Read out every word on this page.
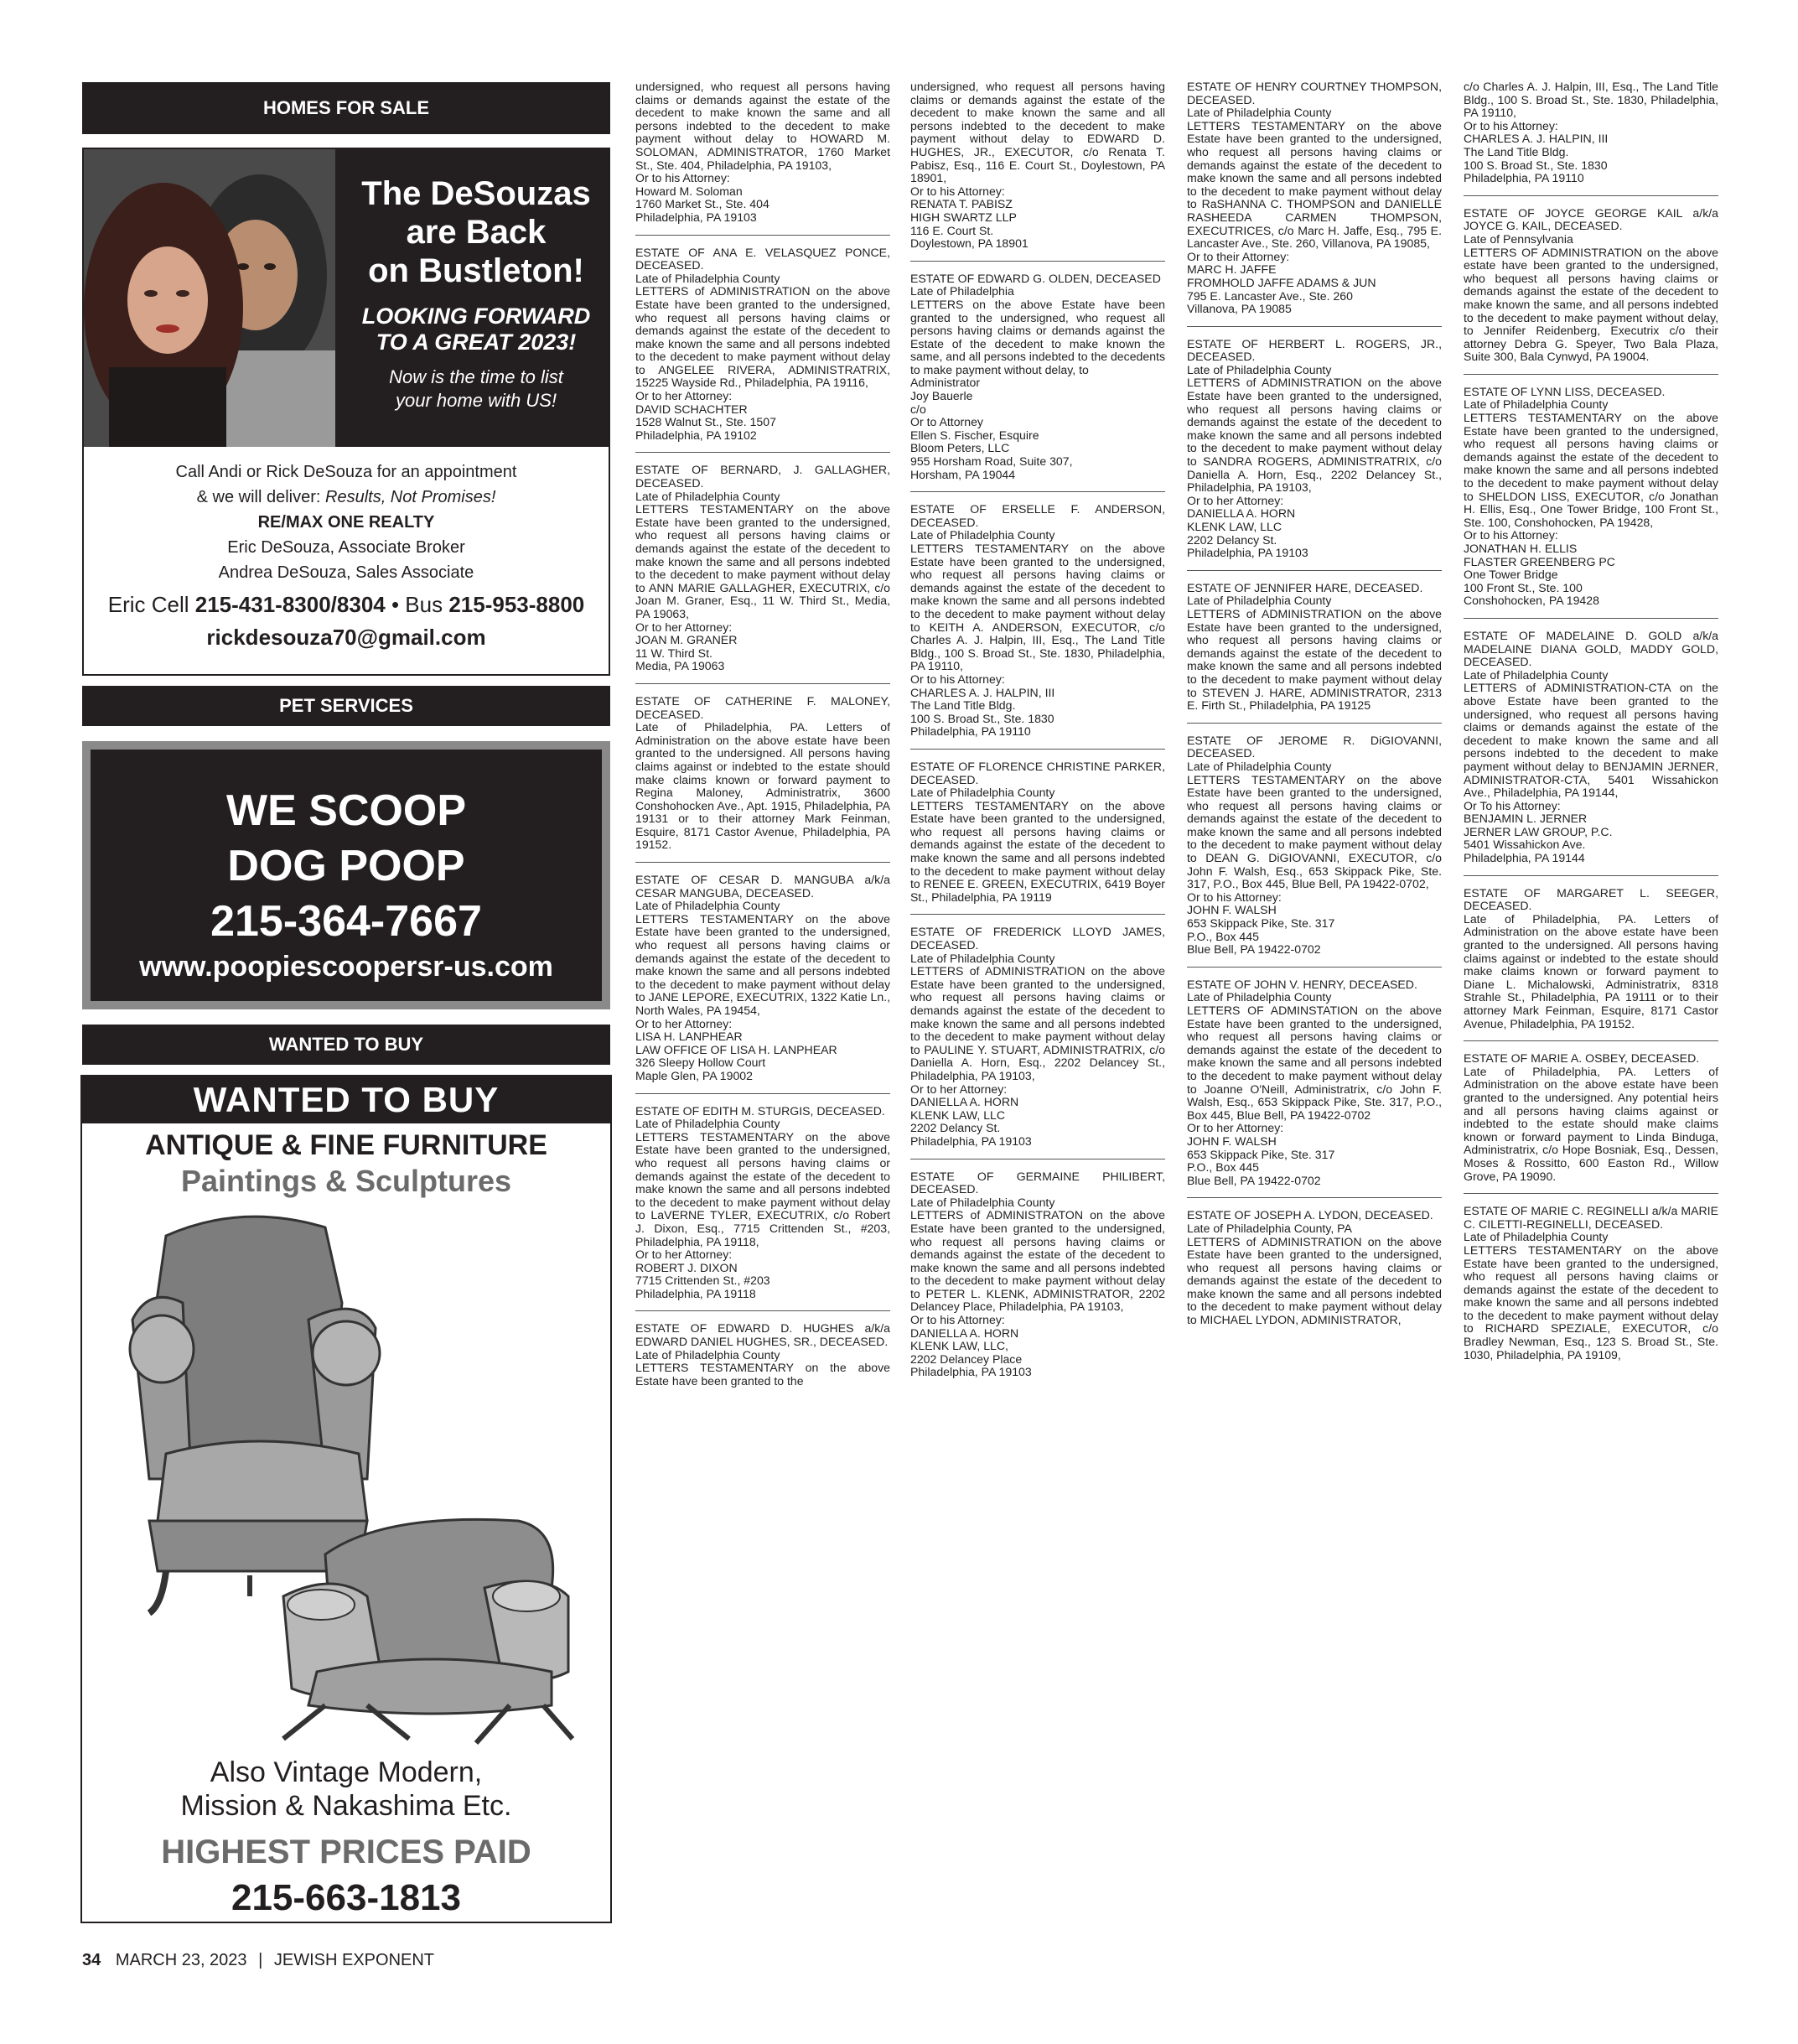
HOMES FOR SALE
PET SERVICES
WANTED TO BUY
The DeSouzas
are Back
on Bustleton!
LOOKING FORWARD
TO A GREAT 2023!
Now is the time to list
your home with US!
Call Andi or Rick DeSouza for an appointment
& we will deliver: Results, Not Promises!
RE/MAX ONE REALTY
Eric DeSouza, Associate Broker
Andrea DeSouza, Sales Associate
Eric Cell 215-431-8300/8304 • Bus 215-953-8800
rickdesouza70@gmail.com
WE SCOOP
DOG POOP
215-364-7667
www.poopiescoopersr-us.com
WANTED TO BUY
ANTIQUE & FINE FURNITURE
Paintings & Sculptures
Also Vintage Modern,
Mission & Nakashima Etc.
HIGHEST PRICES PAID
215-663-1813

undersigned, who request all persons having claims or demands against the estate of the decedent to make known the same and all persons indebted to the decedent to make payment without delay to HOWARD M. SOLOMAN, ADMINISTRATOR, 1760 Market St., Ste. 404, Philadelphia, PA 19103,
Or to his Attorney:
Howard M. Soloman
1760 Market St., Ste. 404
Philadelphia, PA 19103

ESTATE OF ANA E. VELASQUEZ PONCE, DECEASED.
Late of Philadelphia County
LETTERS of ADMINISTRATION on the above Estate have been granted to the undersigned, who request all persons having claims or demands against the estate of the decedent to make known the same and all persons indebted to the decedent to make payment without delay to ANGELEE RIVERA, ADMINISTRATRIX, 15225 Wayside Rd., Philadelphia, PA 19116,
Or to her Attorney:
DAVID SCHACHTER
1528 Walnut St., Ste. 1507
Philadelphia, PA 19102

ESTATE OF BERNARD, J. GALLAGHER, DECEASED.
Late of Philadelphia County
LETTERS TESTAMENTARY on the above Estate have been granted to the undersigned, who request all persons having claims or demands against the estate of the decedent to make known the same and all persons indebted to the decedent to make payment without delay to ANN MARIE GALLAGHER, EXECUTRIX, c/o Joan M. Graner, Esq., 11 W. Third St., Media, PA 19063,
Or to her Attorney:
JOAN M. GRANER
11 W. Third St.
Media, PA 19063

ESTATE OF CATHERINE F. MALONEY, DECEASED.
Late of Philadelphia, PA. Letters of Administration on the above estate have been granted to the undersigned. All persons having claims against or indebted to the estate should make claims known or forward payment to Regina Maloney, Administratrix, 3600 Conshohocken Ave., Apt. 1915, Philadelphia, PA 19131 or to their attorney Mark Feinman, Esquire, 8171 Castor Avenue, Philadelphia, PA 19152.

ESTATE OF CESAR D. MANGUBA a/k/a CESAR MANGUBA, DECEASED.
Late of Philadelphia County
LETTERS TESTAMENTARY on the above Estate have been granted to the undersigned, who request all persons having claims or demands against the estate of the decedent to make known the same and all persons indebted to the decedent to make payment without delay to JANE LEPORE, EXECUTRIX, 1322 Katie Ln., North Wales, PA 19454,
Or to her Attorney:
LISA H. LANPHEAR
LAW OFFICE OF LISA H. LANPHEAR
326 Sleepy Hollow Court
Maple Glen, PA 19002

ESTATE OF EDITH M. STURGIS, DECEASED.
Late of Philadelphia County
LETTERS TESTAMENTARY on the above Estate have been granted to the undersigned, who request all persons having claims or demands against the estate of the decedent to make known the same and all persons indebted to the decedent to make payment without delay to LaVERNE TYLER, EXECUTRIX, c/o Robert J. Dixon, Esq., 7715 Crittenden St., #203, Philadelphia, PA 19118,
Or to her Attorney:
ROBERT J. DIXON
7715 Crittenden St., #203
Philadelphia, PA 19118

ESTATE OF EDWARD D. HUGHES a/k/a EDWARD DANIEL HUGHES, SR., DECEASED.
Late of Philadelphia County
LETTERS TESTAMENTARY on the above Estate have been granted to the

undersigned, who request all persons having claims or demands against the estate of the decedent to make known the same and all persons indebted to the decedent to make payment without delay to EDWARD D. HUGHES, JR., EXECUTOR, c/o Renata T. Pabisz, Esq., 116 E. Court St., Doylestown, PA 18901,
Or to his Attorney:
RENATA T. PABISZ
HIGH SWARTZ LLP
116 E. Court St.
Doylestown, PA 18901

ESTATE OF EDWARD G. OLDEN, DECEASED
Late of Philadelphia
LETTERS on the above Estate have been granted to the undersigned, who request all persons having claims or demands against the Estate of the decedent to make known the same, and all persons indebted to the decedents to make payment without delay, to
Administrator
Joy Bauerle
c/o
Or to Attorney
Ellen S. Fischer, Esquire
Bloom Peters, LLC
955 Horsham Road, Suite 307,
Horsham, PA 19044

ESTATE OF ERSELLE F. ANDERSON, DECEASED.
Late of Philadelphia County
LETTERS TESTAMENTARY on the above Estate have been granted to the undersigned, who request all persons having claims or demands against the estate of the decedent to make known the same and all persons indebted to the decedent to make payment without delay to KEITH A. ANDERSON, EXECUTOR, c/o Charles A. J. Halpin, III, Esq., The Land Title Bldg., 100 S. Broad St., Ste. 1830, Philadelphia, PA 19110,
Or to his Attorney:
CHARLES A. J. HALPIN, III
The Land Title Bldg.
100 S. Broad St., Ste. 1830
Philadelphia, PA 19110

ESTATE OF FLORENCE CHRISTINE PARKER, DECEASED.
Late of Philadelphia County
LETTERS TESTAMENTARY on the above Estate have been granted to the undersigned, who request all persons having claims or demands against the estate of the decedent to make known the same and all persons indebted to the decedent to make payment without delay to RENEE E. GREEN, EXECUTRIX, 6419 Boyer St., Philadelphia, PA 19119

ESTATE OF FREDERICK LLOYD JAMES, DECEASED.
Late of Philadelphia County
LETTERS of ADMINISTRATION on the above Estate have been granted to the undersigned, who request all persons having claims or demands against the estate of the decedent to make known the same and all persons indebted to the decedent to make payment without delay to PAULINE Y. STUART, ADMINISTRATRIX, c/o Daniella A. Horn, Esq., 2202 Delancey St., Philadelphia, PA 19103,
Or to her Attorney:
DANIELLA A. HORN
KLENK LAW, LLC
2202 Delancy St.
Philadelphia, PA 19103

ESTATE OF GERMAINE PHILIBERT, DECEASED.
Late of Philadelphia County
LETTERS of ADMINISTRATON on the above Estate have been granted to the undersigned, who request all persons having claims or demands against the estate of the decedent to make known the same and all persons indebted to the decedent to make payment without delay to PETER L. KLENK, ADMINISTRATOR, 2202 Delancey Place, Philadelphia, PA 19103,
Or to his Attorney:
DANIELLA A. HORN
KLENK LAW, LLC,
2202 Delancey Place
Philadelphia, PA 19103

ESTATE OF HENRY COURTNEY THOMPSON, DECEASED.
Late of Philadelphia County
LETTERS TESTAMENTARY on the above Estate have been granted to the undersigned, who request all persons having claims or demands against the estate of the decedent to make known the same and all persons indebted to the decedent to make payment without delay to RaSHANNA C. THOMPSON and DANIELLE RASHEEDA CARMEN THOMPSON, EXECUTRICES, c/o Marc H. Jaffe, Esq., 795 E. Lancaster Ave., Ste. 260, Villanova, PA 19085,
Or to their Attorney:
MARC H. JAFFE
FROMHOLD JAFFE ADAMS & JUN
795 E. Lancaster Ave., Ste. 260
Villanova, PA 19085

ESTATE OF HERBERT L. ROGERS, JR., DECEASED.
Late of Philadelphia County
LETTERS of ADMINISTRATION on the above Estate have been granted to the undersigned, who request all persons having claims or demands against the estate of the decedent to make known the same and all persons indebted to the decedent to make payment without delay to SANDRA ROGERS, ADMINISTRATRIX, c/o Daniella A. Horn, Esq., 2202 Delancey St., Philadelphia, PA 19103,
Or to her Attorney:
DANIELLA A. HORN
KLENK LAW, LLC
2202 Delancy St.
Philadelphia, PA 19103

ESTATE OF JENNIFER HARE, DECEASED.
Late of Philadelphia County
LETTERS of ADMINISTRATION on the above Estate have been granted to the undersigned, who request all persons having claims or demands against the estate of the decedent to make known the same and all persons indebted to the decedent to make payment without delay to STEVEN J. HARE, ADMINISTRATOR, 2313 E. Firth St., Philadelphia, PA 19125

ESTATE OF JEROME R. DiGIOVANNI, DECEASED.
Late of Philadelphia County
LETTERS TESTAMENTARY on the above Estate have been granted to the undersigned, who request all persons having claims or demands against the estate of the decedent to make known the same and all persons indebted to the decedent to make payment without delay to DEAN G. DiGIOVANNI, EXECUTOR, c/o John F. Walsh, Esq., 653 Skippack Pike, Ste. 317, P.O., Box 445, Blue Bell, PA 19422-0702,
Or to his Attorney:
JOHN F. WALSH
653 Skippack Pike, Ste. 317
P.O., Box 445
Blue Bell, PA 19422-0702

ESTATE OF JOHN V. HENRY, DECEASED.
Late of Philadelphia County
LETTERS OF ADMINSTATION on the above Estate have been granted to the undersigned, who request all persons having claims or demands against the estate of the decedent to make known the same and all persons indebted to the decedent to make payment without delay to Joanne O'Neill, Administratrix, c/o John F. Walsh, Esq., 653 Skippack Pike, Ste. 317, P.O., Box 445, Blue Bell, PA 19422-0702
Or to her Attorney:
JOHN F. WALSH
653 Skippack Pike, Ste. 317
P.O., Box 445
Blue Bell, PA 19422-0702

ESTATE OF JOSEPH A. LYDON, DECEASED.
Late of Philadelphia County, PA
LETTERS of ADMINISTRATION on the above Estate have been granted to the undersigned, who request all persons having claims or demands against the estate of the decedent to make known the same and all persons indebted to the decedent to make payment without delay to MICHAEL LYDON, ADMINISTRATOR,

c/o Charles A. J. Halpin, III, Esq., The Land Title Bldg., 100 S. Broad St., Ste. 1830, Philadelphia, PA 19110,
Or to his Attorney:
CHARLES A. J. HALPIN, III
The Land Title Bldg.
100 S. Broad St., Ste. 1830
Philadelphia, PA 19110

ESTATE OF JOYCE GEORGE KAIL a/k/a JOYCE G. KAIL, DECEASED.
Late of Pennsylvania
LETTERS OF ADMINISTRATION on the above estate have been granted to the undersigned, who bequest all persons having claims or demands against the estate of the decedent to make known the same, and all persons indebted to the decedent to make payment without delay, to Jennifer Reidenberg, Executrix c/o their attorney Debra G. Speyer, Two Bala Plaza, Suite 300, Bala Cynwyd, PA 19004.

ESTATE OF LYNN LISS, DECEASED.
Late of Philadelphia County
LETTERS TESTAMENTARY on the above Estate have been granted to the undersigned, who request all persons having claims or demands against the estate of the decedent to make known the same and all persons indebted to the decedent to make payment without delay to SHELDON LISS, EXECUTOR, c/o Jonathan H. Ellis, Esq., One Tower Bridge, 100 Front St., Ste. 100, Conshohocken, PA 19428,
Or to his Attorney:
JONATHAN H. ELLIS
FLASTER GREENBERG PC
One Tower Bridge
100 Front St., Ste. 100
Conshohocken, PA 19428

ESTATE OF MADELAINE D. GOLD a/k/a MADELAINE DIANA GOLD, MADDY GOLD, DECEASED.
Late of Philadelphia County
LETTERS of ADMINISTRATION-CTA on the above Estate have been granted to the undersigned, who request all persons having claims or demands against the estate of the decedent to make known the same and all persons indebted to the decedent to make payment without delay to BENJAMIN JERNER, ADMINISTRATOR-CTA, 5401 Wissahickon Ave., Philadelphia, PA 19144,
Or To his Attorney:
BENJAMIN L. JERNER
JERNER LAW GROUP, P.C.
5401 Wissahickon Ave.
Philadelphia, PA 19144

ESTATE OF MARGARET L. SEEGER, DECEASED.
Late of Philadelphia, PA. Letters of Administration on the above estate have been granted to the undersigned. All persons having claims against or indebted to the estate should make claims known or forward payment to Diane L. Michalowski, Administratrix, 8318 Strahle St., Philadelphia, PA 19111 or to their attorney Mark Feinman, Esquire, 8171 Castor Avenue, Philadelphia, PA 19152.

ESTATE OF MARIE A. OSBEY, DECEASED.
Late of Philadelphia, PA. Letters of Administration on the above estate have been granted to the undersigned. Any potential heirs and all persons having claims against or indebted to the estate should make claims known or forward payment to Linda Binduga, Administratrix, c/o Hope Bosniak, Esq., Dessen, Moses & Rossitto, 600 Easton Rd., Willow Grove, PA 19090.

ESTATE OF MARIE C. REGINELLI a/k/a MARIE C. CILETTI-REGINELLI, DECEASED.
Late of Philadelphia County
LETTERS TESTAMENTARY on the above Estate have been granted to the undersigned, who request all persons having claims or demands against the estate of the decedent to make known the same and all persons indebted to the decedent to make payment without delay to RICHARD SPEZIALE, EXECUTOR, c/o Bradley Newman, Esq., 123 S. Broad St., Ste. 1030, Philadelphia, PA 19109,

34 MARCH 23, 2023 | JEWISH EXPONENT
